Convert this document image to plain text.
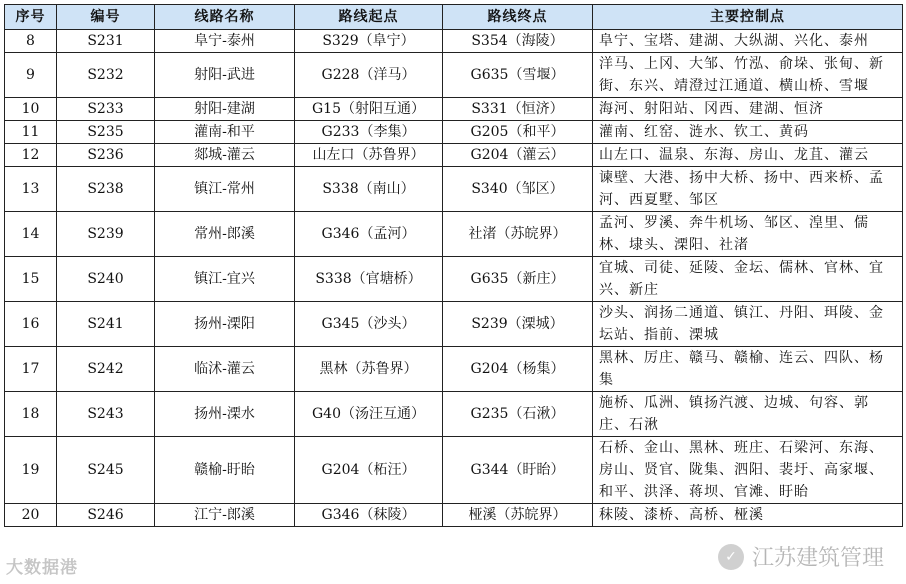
序号	编号	线路名称	路线起点	路线终点	主要控制点
8	S231	阜宁-泰州	S329（阜宁）	S354（海陵）	阜宁、宝塔、建湖、大纵湖、兴化、泰州
9	S232	射阳-武进	G228（洋马）	G635（雪堰）	洋马、上冈、大邹、竹泓、俞垛、张甸、新街、东兴、靖澄过江通道、横山桥、雪堰
10	S233	射阳-建湖	G15（射阳互通）	S331（恒济）	海河、射阳站、冈西、建湖、恒济
11	S235	灌南-和平	G233（李集）	G205（和平）	灌南、红窑、涟水、钦工、黄码
12	S236	郯城-灌云	山左口（苏鲁界）	G204（灌云）	山左口、温泉、东海、房山、龙苴、灌云
13	S238	镇江-常州	S338（南山）	S340（邹区）	谏壁、大港、扬中大桥、扬中、西来桥、孟河、西夏墅、邹区
14	S239	常州-郎溪	G346（孟河）	社渚（苏皖界）	孟河、罗溪、奔牛机场、邹区、湟里、儒林、埭头、溧阳、社渚
15	S240	镇江-宜兴	S338（官塘桥）	G635（新庄）	宜城、司徒、延陵、金坛、儒林、官林、宜兴、新庄
16	S241	扬州-溧阳	G345（沙头）	S239（溧城）	沙头、润扬二通道、镇江、丹阳、珥陵、金坛站、指前、溧城
17	S242	临沭-灌云	黑林（苏鲁界）	G204（杨集）	黑林、厉庄、赣马、赣榆、连云、四队、杨集
18	S243	扬州-溧水	G40（汤汪互通）	G235（石湫）	施桥、瓜洲、镇扬汽渡、边城、句容、郭庄、石湫
19	S245	赣榆-盱眙	G204（柘汪）	G344（盱眙）	石桥、金山、黑林、班庄、石梁河、东海、房山、贤官、陇集、泗阳、裴圩、高家堰、和平、洪泽、蒋坝、官滩、盱眙
20	S246	江宁-郎溪	G346（秣陵）	桠溪（苏皖界）	秣陵、漆桥、高桥、桠溪
大数据港
✓ 江苏建筑管理
